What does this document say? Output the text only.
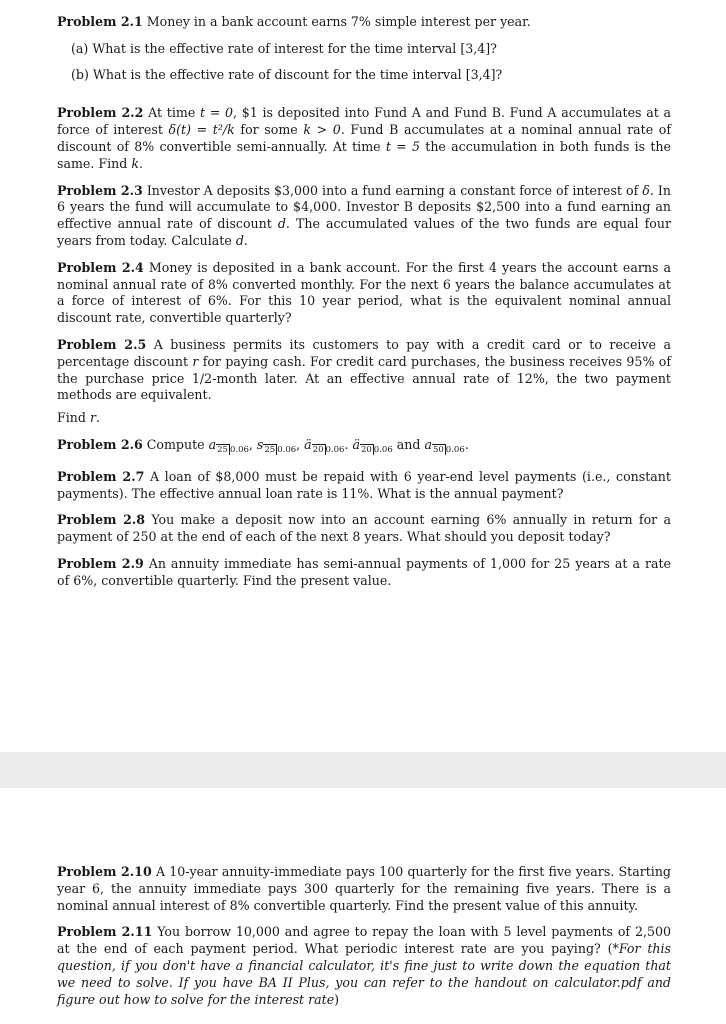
Problem 2.1 Money in a bank account earns 7% simple interest per year.

(a) What is the effective rate of interest for the time interval [3,4]?

(b) What is the effective rate of discount for the time interval [3,4]?

Problem 2.2 At time t = 0, $1 is deposited into Fund A and Fund B. Fund A accumulates at a force of interest δ(t) = t²/k for some k > 0. Fund B accumulates at a nominal annual rate of discount of 8% convertible semi-annually. At time t = 5 the accumulation in both funds is the same. Find k.

Problem 2.3 Investor A deposits $3,000 into a fund earning a constant force of interest of δ. In 6 years the fund will accumulate to $4,000. Investor B deposits $2,500 into a fund earning an effective annual rate of discount d. The accumulated values of the two funds are equal four years from today. Calculate d.

Problem 2.4 Money is deposited in a bank account. For the first 4 years the account earns a nominal annual rate of 8% converted monthly. For the next 6 years the balance accumulates at a force of interest of 6%. For this 10 year period, what is the equivalent nominal annual discount rate, convertible quarterly?

Problem 2.5 A business permits its customers to pay with a credit card or to receive a percentage discount r for paying cash. For credit card purchases, the business receives 95% of the purchase price 1/2-month later. At an effective annual rate of 12%, the two payment methods are equivalent.

Find r.

Problem 2.6 Compute $a_{25 0.06}$, $s_{25 0.06}$, $ä_{20 0.06}$. $ä_{20 0.06}$ and $a_{50 0.06}$.

Problem 2.7 A loan of $8,000 must be repaid with 6 year-end level payments (i.e., constant payments). The effective annual loan rate is 11%. What is the annual payment?

Problem 2.8 You make a deposit now into an account earning 6% annually in return for a payment of 250 at the end of each of the next 8 years. What should you deposit today?

Problem 2.9 An annuity immediate has semi-annual payments of 1,000 for 25 years at a rate of 6%, convertible quarterly. Find the present value.

Problem 2.10 A 10-year annuity-immediate pays 100 quarterly for the first five years. Starting year 6, the annuity immediate pays 300 quarterly for the remaining five years. There is a nominal annual interest of 8% convertible quarterly. Find the present value of this annuity.

Problem 2.11 You borrow 10,000 and agree to repay the loan with 5 level payments of 2,500 at the end of each payment period. What periodic interest rate are you paying? (*For this question, if you don't have a financial calculator, it's fine just to write down the equation that we need to solve. If you have BA II Plus, you can refer to the handout on calculator.pdf and figure out how to solve for the interest rate)
